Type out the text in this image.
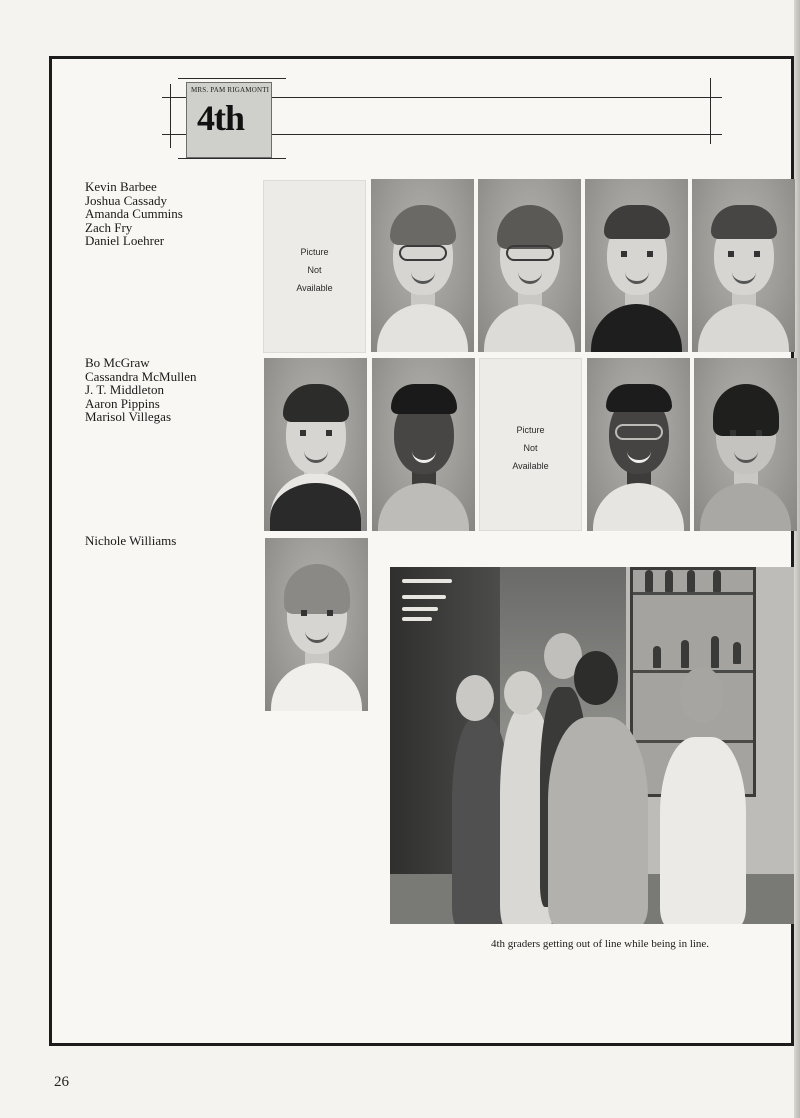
MRS. PAM RIGAMONTI
4th
Kevin Barbee
Joshua Cassady
Amanda Cummins
Zach Fry
Daniel Loehrer
Bo McGraw
Cassandra McMullen
J. T. Middleton
Aaron Pippins
Marisol Villegas
Nichole Williams
Picture
Not
Available
Picture
Not
Available

4th graders getting out of line while being in line.

26
